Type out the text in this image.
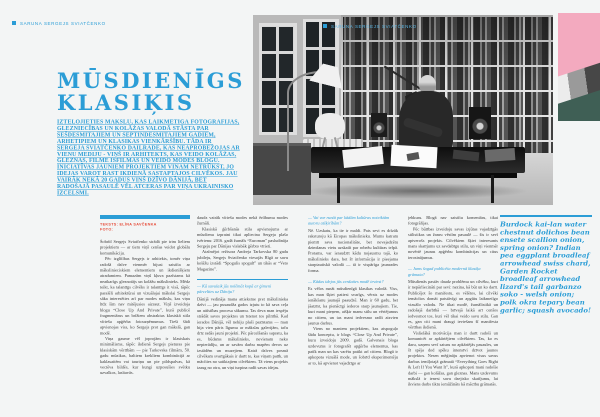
SARUNA SERGEJS SVIATČENKO
SARUNA SERGEJS SVIATČENKO
MŪSDIENĪGS
KLASIĶIS
IZTĒLOJIETIES MĀKSLU, KAS LAIKMETĪGĀ FOTOGRĀFIJAS, GLEZNIECĪBAS UN KOLĀŽAS VALODĀ STĀSTA PAR SEŠDESMITAJIEM UN SEPTIŅDESMITAJIEM GADIEM, ARHETIPIEM UN KLASIKAS VIENKĀRŠĪBU. TĀDA IR SERGEJA SVIATČENKO DAIĻRADE, KAS NEAPROBEŽOJAS AR VIENU MEDIJU - VIŅŠ IR ARHITEKTS, KAS VEIDO KOLĀŽAS, GLEZNAS, FILMĒ ĪSFILMAS UN VEIDO MODES BLOGU. INICIATĪVAS JAUNIEM PROJEKTIEM VIŅAM NETRŪKST, JO IDEJAS VAROT RAST IKDIENĀ SASTAPTAJOS CILVĒKOS. JAU VAIRĀK NEKĀ 20 GADUS VIŅŠ DZĪVO DĀNIJĀ, BET RADOŠAJĀ PASAULĒ VĒL ATCERAS PAR VIŅA UKRAINISKO IZCELSMI.
TEKSTS: ELĪNA SAVČENKA
FOTO:

Šobrīd Sergejs Sviatčenko strādā pie trim lieliem projektiem — ar tiem viņš cenšas veidot globālu komunikāciju.

Pēc izglītības Sergejs ir arhitekts, tomēr viņa radošā dzīve vienmēr bijusi saistīta ar mākslinieciskiem elementiem un ikdienišķiem atradumiem. Pamazām viņš kļuva pazīstams kā neatkarīgs gleznotājs un kolāžu mākslinieks. Mēdz teikt, ka talantīgs cilvēks ir talantīgs it visā, tāpēc paralēli arhitektūrai un vizuālajai mākslai Sergejs sāka interesēties arī par modes mākslu, kas viņu līdz šim nav mitējusies aizraut. Viņš izveidoja blogu “Close Up And Private”, kurā publicē fragmentārus un brīžiem abstraktus klasiskā stila vīriešu apģērba fotouzņēmumus. Tieši šādi apvienojas viss, ko Sergejs prot gan mākslā, gan modē.

Viņa gaume vēl joprojām ir klasiskais minimālisms, tāpēc ikdienā Sergejs pieturas pie klasiskām vērtībām — pie Tarkovska filmām, 50. gadu mūzikas, baltiem krekliem kombinācijā ar kaklasaitēm vai tauriņu un pie pildspalvas, kā vectēva bildēs, kur kungi uzposušies svētku uzvalkos, lasītavās.

daudz vairāk vīriešu modes nekā ērtībumu modes žurnāli.

Klasiskā ģērbšanās stila apvienojums ar mūsdienu izpratni tikai apliecina Sergeja plašo tvērienu: 2016. gadā žurnāls “Euroman” pasludināja Sergeju par Dānijas vislabāk ģērbto vīrieti.

Atzīmējot režisora Andreja Tarkovska 80 gadu jubileju, Sergejs Sviatčenko viesojās Rīgā ar savu kolāžu izstādi “Spogulis spogulī” un tikās ar “Veto Magazine”.

— Kā savulaik jūs nolēmāt kopā ar ģimeni pārcelties uz Dāniju?

Dānijā vedināja mana attieksme pret mākslinieka dzīvi — jau pusaudža gados izjutu to kā sava ceļa un attīstības procesa sākumu. Tas deva man iespēju strādāt savos projektos un īstenot tos pilnībā. Kad ierados Dānijā, vēl nebiju plaši pazīstams — man bija vien pāris līgumu ar mākslas galerijām, taču drīz radās jauni projekti. Pēc pārcelšanās sapratu, ka es, būdams mākslinieks, nevienam neko nepierādīju, un ar savām darbu mapēm devos uz izstādēm un muzejiem. Katrā dzīves posmā cilvēkam svarīgākais ir darīt to, kas viņam patīk, un mācīties no satiktajiem cilvēkiem. Tā viens projekts izaug no otra, un viņi turpina radīt savas idejas.

— Vai var runāt par kādām kultūras noteiktām autoru atšķirībām?

Nē. Uzskatu, ka tie ir maldi. Pats sevi es drīzāk raksturoju kā Eiropas mākslinieku. Mums katram piemīt sava nacionalitāte, bet nevajadzētu dzimšanas vietu uzskatīt par robežu kultūras telpā. Protams, var ieraudzīt kādu nojausmu tajā, ko mākslinieks dara, bet šī informācija ir pieejama starptautiskā valodā — tā ir vispārīga jaunrades forma.

— Kādas idejas jūs cenšaties modē ieviest?

Es vēlos runāt mūsdienīgā klasikas valodā. Viss, kas man šķiet patiesi svarīgs, vērsts uz modes ienākšanu jaunajā paaudzē. Man ir 60 gadu, bet jāatzīst, ka pienācīgi iederos starp jaunajiem. Tie, kuri mani pieņem, atšķir manu stilu un vērtējumus no citiem, un tas mani iedvesmo radīt aizvien jaunus darbus.

Viens no maniem projektiem, kas atspoguļo šādu konceptu, ir blogs “Close Up And Private”, kuru izveidoju 2009. gadā. Galvenais bloga uzdevums ir fotografēt apģērba elementus, kas patīk man un kas varētu patikt arī citiem. Blogā ir apkopota vizuālā mode, un šobrīd eksperimentēju ar to, kā apvienot vajadzīgo ar

jebkuru. Blogā nav saistītu komentāru, tikai fotogrāfijas.

Pēc būtības izveidoju savas izjūtas vajadzīgās stilistikas un žanru vēstīm pasaulē — šis ir sevī aptverošs projekts. Cilvēkiem šķiet interesants mans skatījums uz savdabīgu stilu, un viņi vienmēr novērtē jaunas apģērbu kombinācijas un citus ierosinājumus.

— Jums šogad publicēta modernā klasiķa grāmata?

Mūsdienās pastāv daudz problēmu un cilvēku, kuri ir nepārliecināti par sevi: nezina, kā būt un ko darīt. Publicējot šo manifestu, es vēlētos, lai cilvēki iemācītos domāt patstāvīgi un apgūtu laikmetīgo vizuālo valodu. Ne tikai modē, žurnālistikā un radošajā darbībā — brīvajā laikā arī cenšos iedvesmot tos, kuri vēl tikai veido savu stilu. Gan es, gan citi mani draugi ieviešam šī manifesta vērtības ikdienā.

Vislielākā motivācija man ir darīt radoši un komunicēt ar apkārtējiem cilvēkiem. Tas, ko es daru, uzņem sevī saturu no apkārtējās pasaules, un šī spēja dod spēku intensīvi dzīvot jaunos projektos. Nesen mēģināju apvienot visus savus darbus iemīļotajā grāmatā “Everything Goes Right & Left If You Want It”, kurā apkopoti mani radošie darbi — gan kolāžas, gan gleznas. Mans uzdevums mākslā ir ienest savu dzejisko skatījumu, lai ikviens darbs tiktu iemūžināts kā mācību grāmatās.

Burdock kai-lan water chestnut dolichos bean ensete scallion onion, spring onion? Indian pea eggplant broadleaf arrowhead swiss chard, Garden Rocket broadleaf arrowhead lizard's tail garbanzo soko - welsh onion; polk okra tepary bean garlic; squash avocado!
